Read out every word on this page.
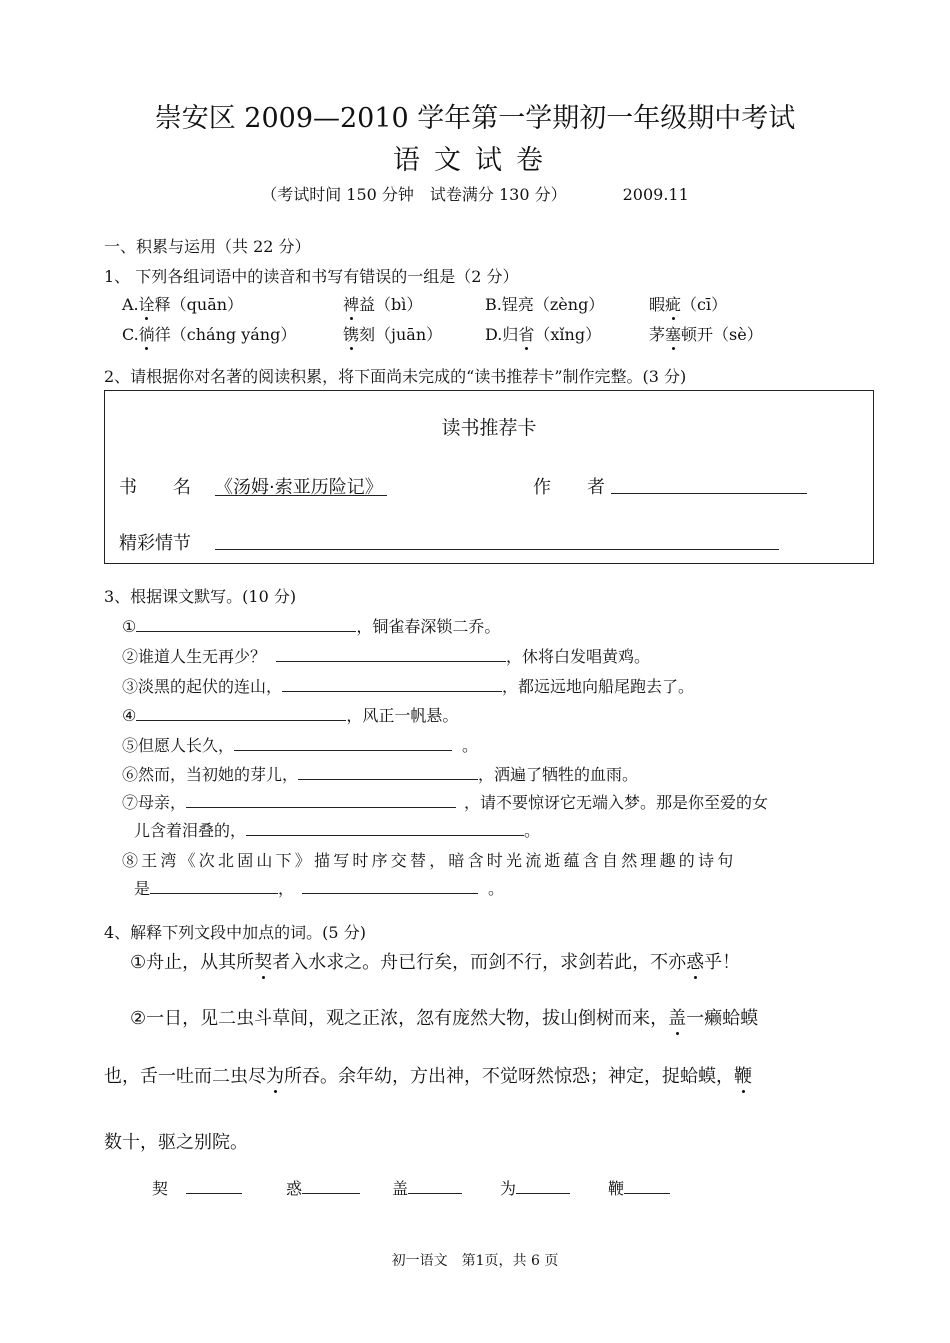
崇安区 2009—2010 学年第一学期初一年级期中考试
语文试卷
（考试时间 150 分钟　试卷满分 130 分）	2009.11
一、积累与运用（共 22 分）
1、 下列各组词语中的读音和书写有错误的一组是（2 分）
A.诠释（quān）	裨益（bì）	B.锃亮（zèng）	暇疵（cī）
C.徜徉（cháng yáng）	镌刻（juān）	D.归省（xǐng）	茅塞顿开（sè）
2、请根据你对名著的阅读积累，将下面尚未完成的“读书推荐卡”制作完整。(3 分)
读书推荐卡
书　　名 《汤姆·索亚历险记》	作　　者
精彩情节
3、根据课文默写。(10 分)
①	，铜雀春深锁二乔。
②谁道人生无再少？	，休将白发唱黄鸡。
③淡黑的起伏的连山，	，都远远地向船尾跑去了。
④	，风正一帆悬。
⑤但愿人长久，	。
⑥然而，当初她的芽儿，	，洒遍了牺牲的血雨。
⑦母亲，	，请不要惊讶它无端入梦。那是你至爱的女
儿含着泪叠的，	。
⑧王湾《次北固山下》描写时序交替，暗含时光流逝蕴含自然理趣的诗句
是	，	。
4、解释下列文段中加点的词。(5 分)
①舟止，从其所契者入水求之。舟已行矣，而剑不行，求剑若此，不亦惑乎！
②一日，见二虫斗草间，观之正浓，忽有庞然大物，拔山倒树而来，盖一癞蛤蟆
也，舌一吐而二虫尽为所吞。余年幼，方出神，不觉呀然惊恐；神定，捉蛤蟆，鞭
数十，驱之别院。
契	惑	盖	为	鞭
初一语文　第1页，共 6 页
